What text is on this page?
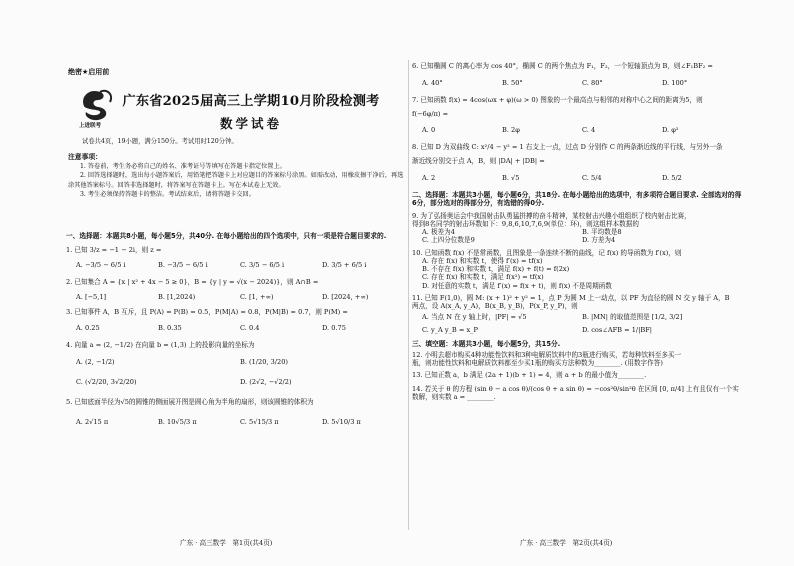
绝密★启用前
上进联考
广东省2025届高三上学期10月阶段检测考
数学试卷
试卷共4页，19小题，满分150分。考试用时120分钟。
注意事项：

1. 答卷前，考生务必将自己的姓名、准考证号等填写在答题卡指定位置上。

2. 回答选择题时，选出每小题答案后，用铅笔把答题卡上对应题目的答案标号涂黑。如需改动，用橡皮擦干净后，再选涂其他答案标号。回答非选择题时，将答案写在答题卡上。写在本试卷上无效。

3. 考生必须保持答题卡的整洁。考试结束后，请将答题卡交回。

一、选择题：本题共8小题，每小题5分，共40分. 在每小题给出的四个选项中，只有一项是符合题目要求的.

1. 已知 3/z = −1 − 2i，则 z =

A. −3/5 − 6/5 i	B. −3/5 − 6/5 i	C. 3/5 − 6/5 i	D. 3/5 + 6/5 i

2. 已知集合 A = {x | x² + 4x − 5 ≥ 0}，B = {y | y = √(x − 2024)}，则 A∩B =

A. [−5,1]	B. [1,2024)	C. [1, +∞)	D. [2024, +∞)

3. 已知事件 A，B 互斥，且 P(A) = P(B) = 0.5，P(M|A) = 0.8，P(M|B) = 0.7，则 P(M) =

A. 0.25	B. 0.35	C. 0.4	D. 0.75

4. 向量 a = (2, −1/2) 在向量 b = (1,3) 上的投影向量的坐标为

A. (2, −1/2)	B. (1/20, 3/20)
C. (√2/20, 3√2/20)	D. (2√2, −√2/2)

5. 已知底面半径为√5的圆锥的侧面展开图是圆心角为半角的扇形，则该圆锥的体积为

A. 2√15 π	B. 10√5/3 π	C. 5√15/3 π	D. 5√10/3 π

6. 已知椭圆 C 的离心率为 cos 40°，椭圆 C 的两个焦点为 F₁，F₂，一个短轴顶点为 B，则∠F₁BF₂ =

A. 40°	B. 50°	C. 80°	D. 100°

7. 已知函数 f(x) = 4cos(ωx + φ)(ω > 0) 图象的一个最高点与相邻的对称中心之间的距离为5，则

f(−6φ/π) =

A. 0	B. 2φ	C. 4	D. φ²

8. 已知 D 为双曲线 C: x²/4 − y² = 1 右支上一点，过点 D 分别作 C 的两条渐近线的平行线，与另外一条

渐近线分别交于点 A，B，则 |DA| + |DB| =

A. 2	B. √5	C. 5/4	D. 5/2

二、选择题：本题共3小题，每小题6分，共18分. 在每小题给出的选项中，有多项符合题目要求. 全部选对的得6分，部分选对的得部分分，有选错的得0分.

9. 为了弘扬奥运会中我国射击队勇猛拼搏的奋斗精神，某校射击兴趣小组组织了校内射击比赛，

得到8名同学的射击环数如下：9,8,6,10,7,6,9(单位：环)，则这组样本数据的

A. 极差为4	B. 平均数是8
C. 上四分位数是9	D. 方差为4

10. 已知函数 f(x) 不是常函数，且图象是一条连续不断的曲线，记 f(x) 的导函数为 f′(x)，则

A. 存在 f(x) 和实数 t，使得 f′(x) = tf(x)

B. 不存在 f(x) 和实数 t，满足 f(x) + f(t) = f(2x)

C. 存在 f(x) 和实数 t，满足 f(x²) = tf(x)

D. 对任意的实数 t，满足 f′(x) = f(x + t)，则 f(x) 不是周期函数

11. 已知 F(1,0)，圆 M: (x + 1)² + y² = 1，点 P 为圆 M 上一动点，以 PF 为直径的圆 N 交 y 轴于 A，B

两点，设 A(x_A, y_A)，B(x_B, y_B)，P(x_P, y_P)，则

A. 当点 N 在 y 轴上时，|PF| = √5	B. |MN| 的取值范围是 [1/2, 3/2]
C. y_A y_B = x_P	D. cos∠AFB = 1/|BF|

三、填空题：本题共3小题，每小题5分，共15分.

12. 小明去超市购买4种功能性饮料和3种电解质饮料中的3瓶进行购买，若每种饮料至多买一

瓶，则功能性饮料和电解质饮料都至少买1瓶的购买方法种数为________. (用数字作答)

13. 已知正数 a，b 满足 (2a + 1)(b + 1) = 4，则 a + b 的最小值为________.

14. 若关于 θ 的方程 (sin θ − a cos θ)/(cos θ + a sin θ) = −cos²θ/sin²θ 在区间 [0, π/4] 上有且仅有一个实数解，则实数 a = ________.

广东 · 高三数学　第1页(共4页)	广东 · 高三数学　第2页(共4页)
